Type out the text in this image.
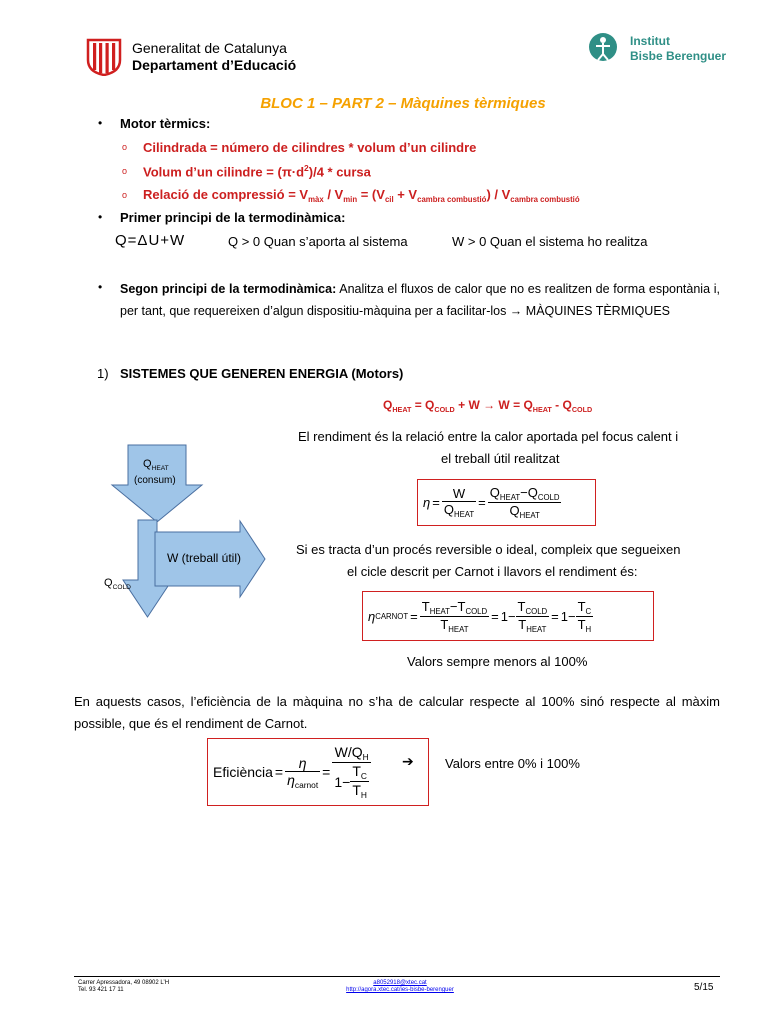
Generalitat de Catalunya
Departament d’Educació
Institut
Bisbe Berenguer
BLOC 1 – PART 2 – Màquines tèrmiques
• Motor tèrmics:
o Cilindrada = número de cilindres * volum d’un cilindre
o Volum d’un cilindre = $(\pi\cdot d^2)/4$ * cursa
o Relació de compressió = $V_{màx} / V_{min} = (V_{cil} + V_{cambra combustió}) / V_{cambra combustió}$
• Primer principi de la termodinàmica:
Q=ΔU+W	Q > 0 Quan s’aporta al sistema	W > 0 Quan el sistema ho realitza
• Segon principi de la termodinàmica: Analitza el fluxos de calor que no es realitzen de forma espontània i, per tant, que requereixen d’algun dispositiu-màquina per a facilitar-los → MÀQUINES TÈRMIQUES
1) SISTEMES QUE GENEREN ENERGIA (Motors)
$Q_{HEAT} = Q_{COLD} + W \to W = Q_{HEAT} - Q_{COLD}$
$Q_{HEAT}$
(consum)
W (treball útil)
$Q_{COLD}$
El rendiment és la relació entre la calor aportada pel focus calent i
el treball útil realitzat
$\eta = \frac{W}{Q_{HEAT}} = \frac{Q_{HEAT}-Q_{COLD}}{Q_{HEAT}}$
Si es tracta d’un procés reversible o ideal, compleix que segueixen
el cicle descrit per Carnot i llavors el rendiment és:
η CARNOT = $\frac{T_{HEAT}-T_{COLD}}{T_{HEAT}} = 1 - \frac{T_{COLD}}{T_{HEAT}} = 1 - \frac{T_C}{T_H}$
Valors sempre menors al 100%
En aquests casos, l’eficiència de la màquina no s’ha de calcular respecte al 100% sinó respecte al màxim possible, que és el rendiment de Carnot.
Eficiència = $\frac{\eta}{\eta_{carnot}} = \frac{W/Q_H}{1 - \frac{T_C}{T_H}}$ ➔ Valors entre 0% i 100%
Carrer Apressadora, 49 08902 L’H
Tel. 93 421 17 11
a8052918@xtec.cat
http://agora.xtec.cat/ies-bisbe-berenguer	5/15
